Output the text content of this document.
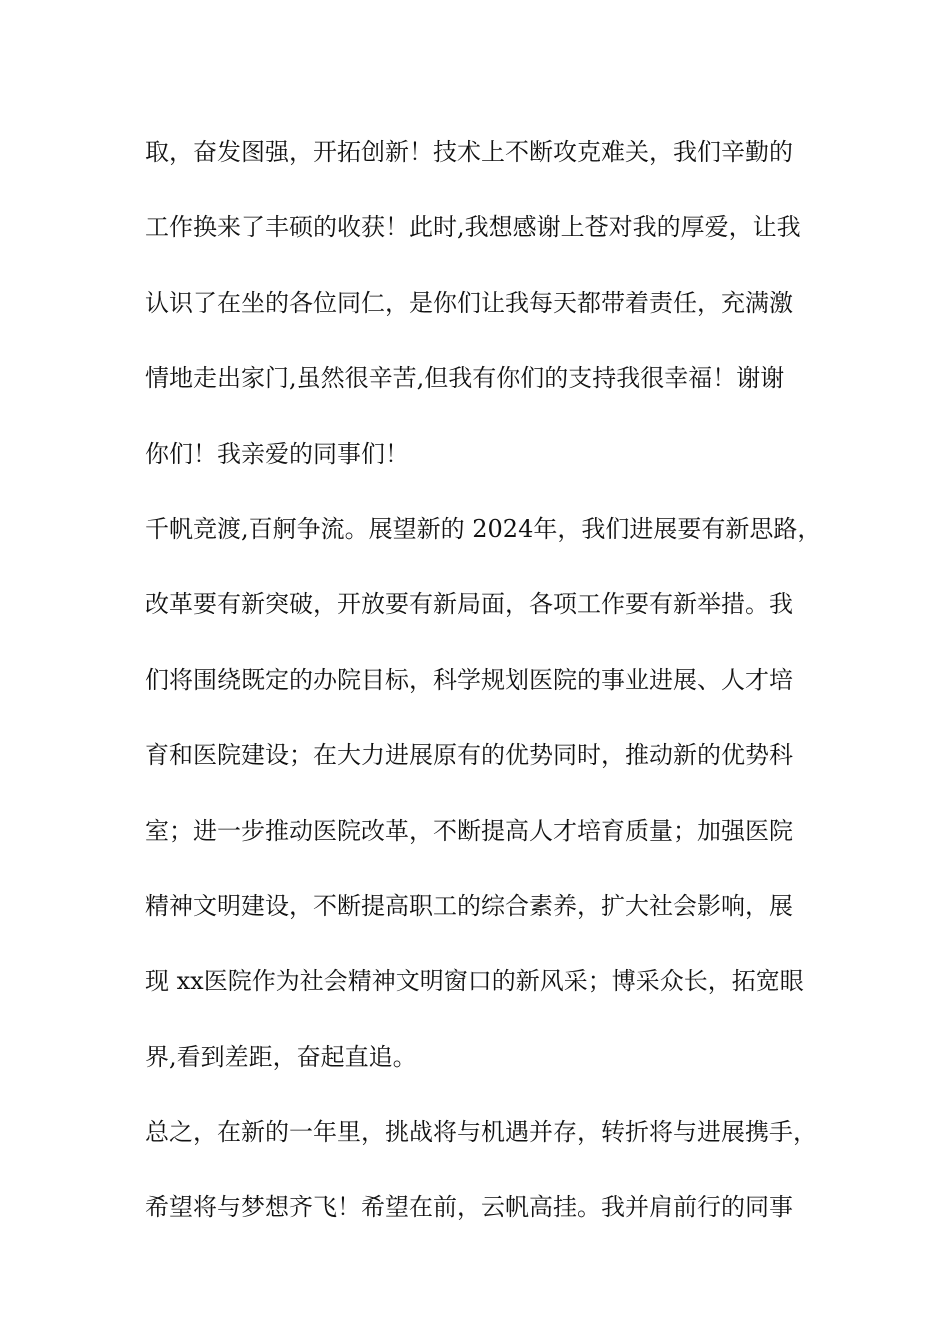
取，奋发图强，开拓创新！技术上不断攻克难关，我们辛勤的
工作换来了丰硕的收获！此时,我想感谢上苍对我的厚爱，让我
认识了在坐的各位同仁，是你们让我每天都带着责任，充满激
情地走出家门,虽然很辛苦,但我有你们的支持我很幸福！谢谢
你们！我亲爱的同事们！
千帆竞渡,百舸争流。展望新的 2024年，我们进展要有新思路，
改革要有新突破，开放要有新局面，各项工作要有新举措。我
们将围绕既定的办院目标，科学规划医院的事业进展、人才培
育和医院建设；在大力进展原有的优势同时，推动新的优势科
室；进一步推动医院改革，不断提高人才培育质量；加强医院
精神文明建设，不断提高职工的综合素养，扩大社会影响，展
现 xx医院作为社会精神文明窗口的新风采；博采众长，拓宽眼
界,看到差距，奋起直追。
总之，在新的一年里，挑战将与机遇并存，转折将与进展携手，
希望将与梦想齐飞！希望在前，云帆高挂。我并肩前行的同事
